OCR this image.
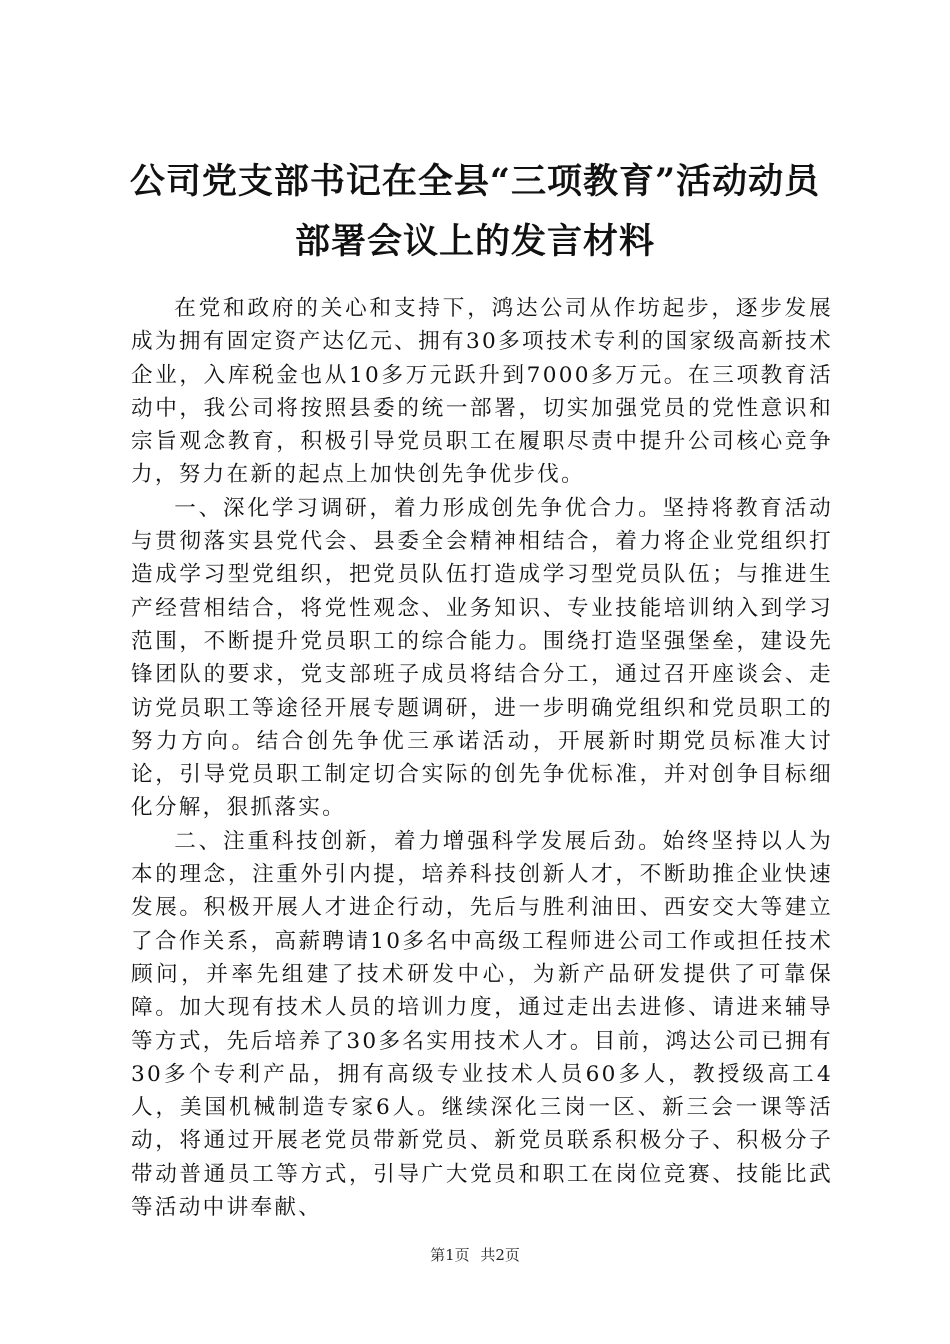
公司党支部书记在全县“三项教育”活动动员
部署会议上的发言材料

在党和政府的关心和支持下，鸿达公司从作坊起步，逐步发展成为拥有固定资产达亿元、拥有30多项技术专利的国家级高新技术企业，入库税金也从10多万元跃升到7000多万元。在三项教育活动中，我公司将按照县委的统一部署，切实加强党员的党性意识和宗旨观念教育，积极引导党员职工在履职尽责中提升公司核心竞争力，努力在新的起点上加快创先争优步伐。

一、深化学习调研，着力形成创先争优合力。坚持将教育活动与贯彻落实县党代会、县委全会精神相结合，着力将企业党组织打造成学习型党组织，把党员队伍打造成学习型党员队伍；与推进生产经营相结合，将党性观念、业务知识、专业技能培训纳入到学习范围，不断提升党员职工的综合能力。围绕打造坚强堡垒，建设先锋团队的要求，党支部班子成员将结合分工，通过召开座谈会、走访党员职工等途径开展专题调研，进一步明确党组织和党员职工的努力方向。结合创先争优三承诺活动，开展新时期党员标准大讨论，引导党员职工制定切合实际的创先争优标准，并对创争目标细化分解，狠抓落实。

二、注重科技创新，着力增强科学发展后劲。始终坚持以人为本的理念，注重外引内提，培养科技创新人才，不断助推企业快速发展。积极开展人才进企行动，先后与胜利油田、西安交大等建立了合作关系，高薪聘请10多名中高级工程师进公司工作或担任技术顾问，并率先组建了技术研发中心，为新产品研发提供了可靠保障。加大现有技术人员的培训力度，通过走出去进修、请进来辅导等方式，先后培养了30多名实用技术人才。目前，鸿达公司已拥有30多个专利产品，拥有高级专业技术人员60多人，教授级高工4人，美国机械制造专家6人。继续深化三岗一区、新三会一课等活动，将通过开展老党员带新党员、新党员联系积极分子、积极分子带动普通员工等方式，引导广大党员和职工在岗位竞赛、技能比武等活动中讲奉献、

第1页 共2页
